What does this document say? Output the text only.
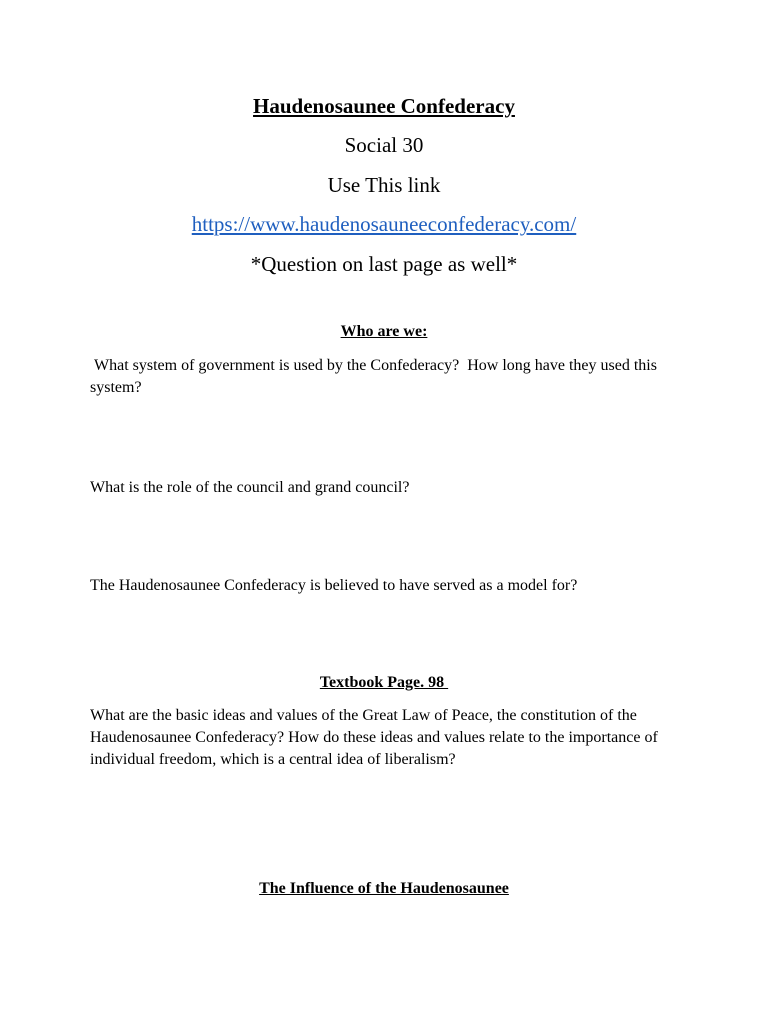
Haudenosaunee Confederacy
Social 30
Use This link
https://www.haudenosauneeconfederacy.com/
*Question on last page as well*
Who are we:
What system of government is used by the Confederacy?  How long have they used this system?
What is the role of the council and grand council?
The Haudenosaunee Confederacy is believed to have served as a model for?
Textbook Page. 98
What are the basic ideas and values of the Great Law of Peace, the constitution of the Haudenosaunee Confederacy? How do these ideas and values relate to the importance of individual freedom, which is a central idea of liberalism?
The Influence of the Haudenosaunee
